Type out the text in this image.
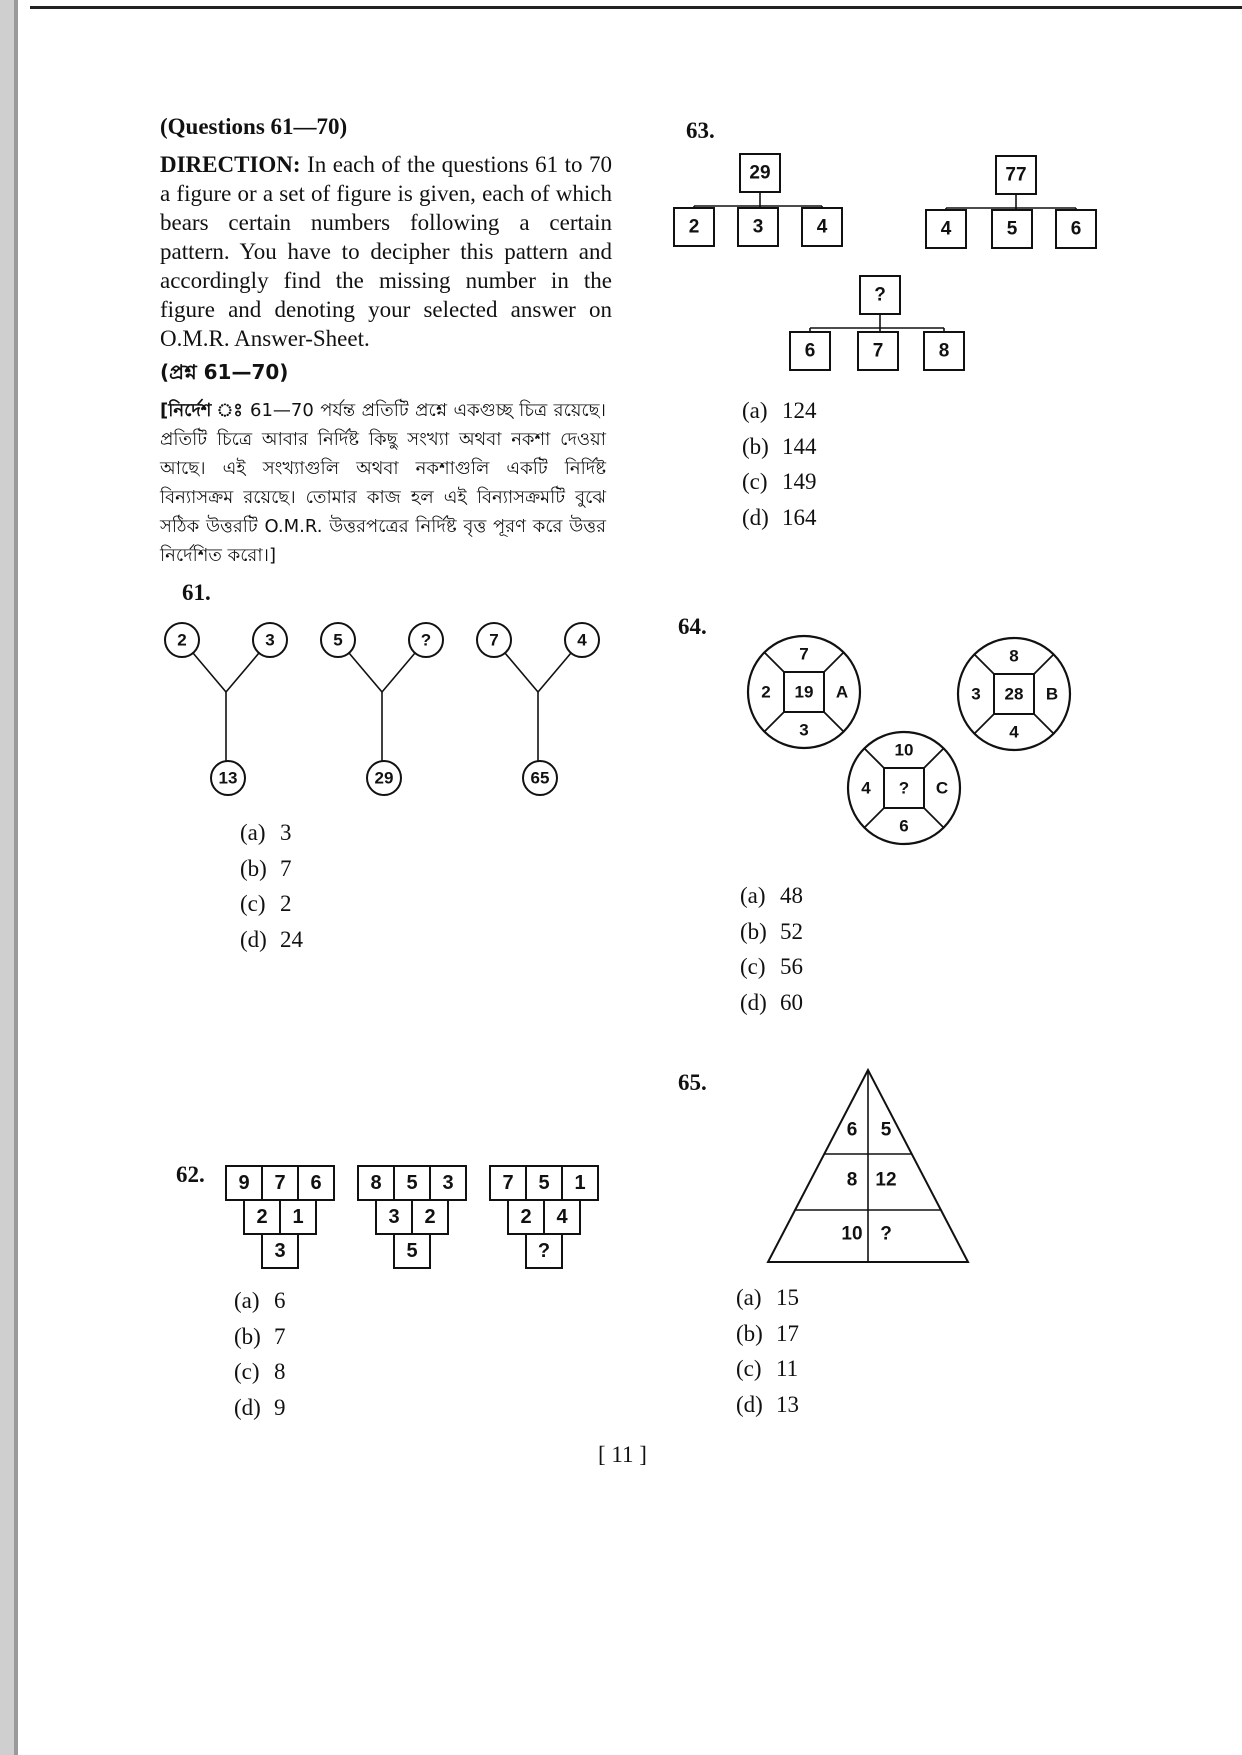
(Questions 61—70)
DIRECTION: In each of the questions 61 to 70 a figure or a set of figure is given, each of which bears certain numbers following a certain pattern. You have to decipher this pattern and accordingly find the missing number in the figure and denoting your selected answer on O.M.R. Answer-Sheet.
(প্রশ্ন 61—70)
[নির্দেশ ঃ 61—70 পর্যন্ত প্রতিটি প্রশ্নে একগুচ্ছ চিত্র রয়েছে। প্রতিটি চিত্রে আবার নির্দিষ্ট কিছু সংখ্যা অথবা নকশা দেওয়া আছে। এই সংখ্যাগুলি অথবা নকশাগুলি একটি নির্দিষ্ট বিন্যাসক্রম রয়েছে। তোমার কাজ হল এই বিন্যাসক্রমটি বুঝে সঠিক উত্তরটি O.M.R. উত্তরপত্রের নির্দিষ্ট বৃত্ত পূরণ করে উত্তর নির্দেশিত করো।]
61.
2	3
13
5	?
29
7	4
65
(a) 3
(b) 7
(c) 2
(d) 24
62. 9 7 6
2 1
3
8 5 3
3 2
5
7 5 1
2 4
?
(a) 6
(b) 7
(c) 8
(d) 9
63.
29
2	3	4
77
4	5	6
?
6	7	8
(a) 124
(b) 144
(c) 149
(d) 164
64.
19
7
3
2	A	28
8
4
3	B
?
10
6
4	C
(a) 48
(b) 52
(c) 56
(d) 60
65.
6 5
8 12
10 ?
(a) 15
(b) 17
(c) 11
(d) 13
[ 11 ]
